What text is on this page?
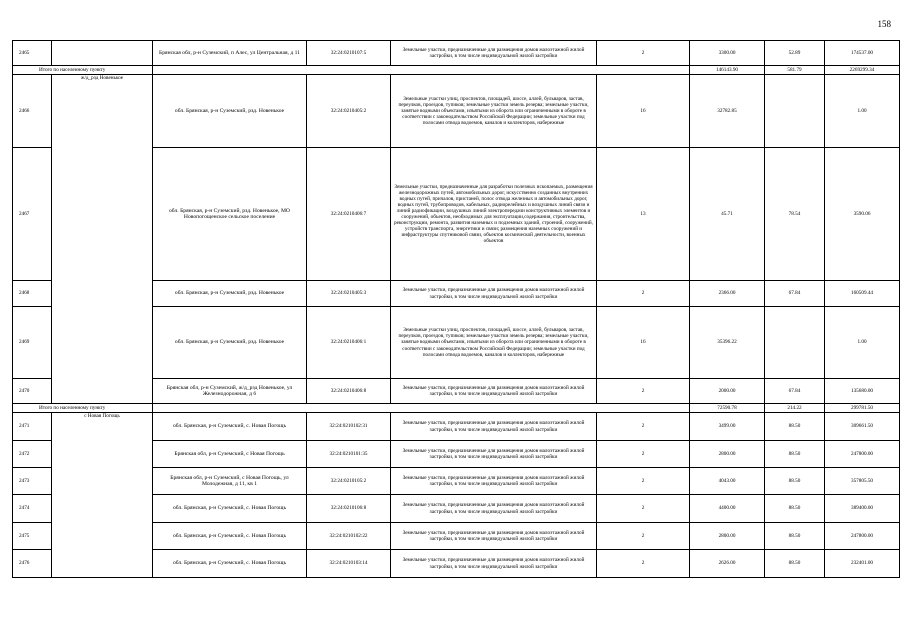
158
2465		Брянская обл, р-н Суземский, п Алес, ул Центральная, д 11	32:24:0210107:5	Земельные участки, предназначенные для размещения домов малоэтажной жилой застройки, в том числе индивидуальной жилой застройки	2	3300.00	52.89	174537.00
Итого по населенному пункту						146143.90	581.79	2269299.34
2466	ж/д_рзд Новенькое	обл. Брянская, р-н Суземский, рзд. Новенькое	32:24:0210405:2	Земельные участки улиц, проспектов, площадей, шоссе, аллей, бульваров, застав, переулков, проездов, тупиков; земельные участки земель резерва; земельные участки, занятые водными объектами, изъятыми из оборота или ограниченными в обороте в соответствии с законодательством Российской Федерации; земельные участки под полосами отвода водоемов, каналов и коллекторов, набережные	16	32782.85		1.00
2467		обл. Брянская, р-н Суземский, рзд. Новенькое, МО Новопогощенское сельское поселение	32:24:0210406:7	Земельные участки, предназначенные для разработки полезных ископаемых, размещения железнодорожных путей, автомобильных дорог, искусственно созданных внутренних водных путей, причалов, пристаней, полос отвода железных и автомобильных дорог, водных путей, трубопроводов, кабельных, радиорелейных и воздушных линий связи и линий радиофикации, воздушных линий электропередачи конструктивных элементов и сооружений, объектов, необходимых для эксплуатации,содержания, строительства, реконструкции, ремонта, развития наземных и подземных зданий, строений, сооружений, устройств транспорта, энергетики и связи; размещения наземных сооружений и инфраструктуры спутниковой связи, объектов космической деятельности, военных объектов	13	45.71	78.54	3590.06
2468		обл. Брянская, р-н Суземский, рзд. Новенькое	32:24:0210405:3	Земельные участки, предназначенные для размещения домов малоэтажной жилой застройки, в том числе индивидуальной жилой застройки	2	2366.00	67.84	160509.44
2469		обл. Брянская, р-н Суземский, рзд. Новенькое	32:24:0210406:1	Земельные участки улиц, проспектов, площадей, шоссе, аллей, бульваров, застав, переулков, проездов, тупиков; земельные участки земель резерва; земельные участки, занятые водными объектами, изъятыми из оборота или ограниченными в обороте в соответствии с законодательством Российской Федерации; земельные участки под полосами отвода водоемов, каналов и коллекторов, набережные	16	35396.22		1.00
2470		Брянская обл, р-н Суземский, ж/д_рзд Новенькое, ул Железнодорожная, д 6	32:24:0210406:8	Земельные участки, предназначенные для размещения домов малоэтажной жилой застройки, в том числе индивидуальной жилой застройки	2	2000.00	67.84	135680.00
Итого по населенному пункту						72590.78	214.22	299781.50
2471	с Новая Погощь	обл. Брянская, р-н Суземский, с. Новая Погощь	32:24:0210102:31	Земельные участки, предназначенные для размещения домов малоэтажной жилой застройки, в том числе индивидуальной жилой застройки	2	3499.00	88.50	309661.50
2472		Брянская обл, р-н Суземский, с Новая Погощь	32:24:0210101:35	Земельные участки, предназначенные для размещения домов малоэтажной жилой застройки, в том числе индивидуальной жилой застройки	2	2800.00	88.50	247800.00
2473		Брянская обл, р-н Суземский, с Новая Погощь, ул Молодежная, д 11, кв 1	32:24:0210105:2	Земельные участки, предназначенные для размещения домов малоэтажной жилой застройки, в том числе индивидуальной жилой застройки	2	4043.00	88.50	357805.50
2474		обл. Брянская, р-н Суземский, с. Новая Погощь	32:24:0210106:8	Земельные участки, предназначенные для размещения домов малоэтажной жилой застройки, в том числе индивидуальной жилой застройки	2	4400.00	88.50	389400.00
2475		обл. Брянская, р-н Суземский, с. Новая Погощь	32:24:0210102:22	Земельные участки, предназначенные для размещения домов малоэтажной жилой застройки, в том числе индивидуальной жилой застройки	2	2800.00	88.50	247800.00
2476		обл. Брянская, р-н Суземский, с. Новая Погощь	32:24:0210103:14	Земельные участки, предназначенные для размещения домов малоэтажной жилой застройки, в том числе индивидуальной жилой застройки	2	2626.00	88.50	232401.00
